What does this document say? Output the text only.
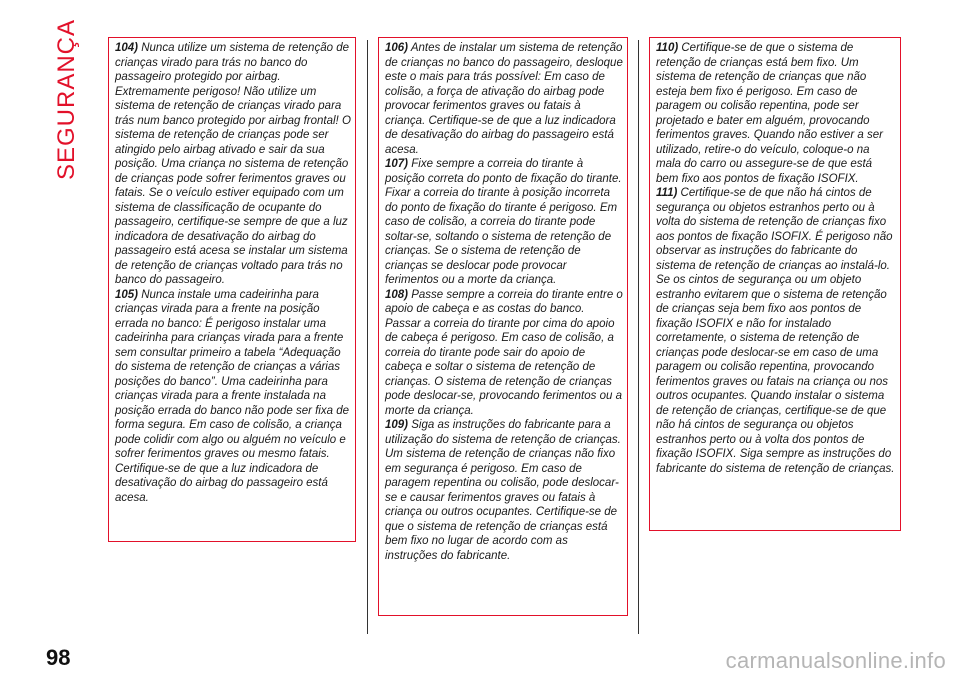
SEGURANÇA	104) Nunca utilize um sistema de retenção de crianças virado para trás no banco do passageiro protegido por airbag. Extremamente perigoso! Não utilize um sistema de retenção de crianças virado para trás num banco protegido por airbag frontal! O sistema de retenção de crianças pode ser atingido pelo airbag ativado e sair da sua posição. Uma criança no sistema de retenção de crianças pode sofrer ferimentos graves ou fatais. Se o veículo estiver equipado com um sistema de classificação de ocupante do passageiro, certifique-se sempre de que a luz indicadora de desativação do airbag do passageiro está acesa se instalar um sistema de retenção de crianças voltado para trás no banco do passageiro.

105) Nunca instale uma cadeirinha para crianças virada para a frente na posição errada no banco: É perigoso instalar uma cadeirinha para crianças virada para a frente sem consultar primeiro a tabela “Adequação do sistema de retenção de crianças a várias posições do banco”. Uma cadeirinha para crianças virada para a frente instalada na posição errada do banco não pode ser fixa de forma segura. Em caso de colisão, a criança pode colidir com algo ou alguém no veículo e sofrer ferimentos graves ou mesmo fatais. Certifique-se de que a luz indicadora de desativação do airbag do passageiro está acesa.

106) Antes de instalar um sistema de retenção de crianças no banco do passageiro, desloque este o mais para trás possível: Em caso de colisão, a força de ativação do airbag pode provocar ferimentos graves ou fatais à criança. Certifique-se de que a luz indicadora de desativação do airbag do passageiro está acesa.

107) Fixe sempre a correia do tirante à posição correta do ponto de fixação do tirante. Fixar a correia do tirante à posição incorreta do ponto de fixação do tirante é perigoso. Em caso de colisão, a correia do tirante pode soltar-se, soltando o sistema de retenção de crianças. Se o sistema de retenção de crianças se deslocar pode provocar ferimentos ou a morte da criança.

108) Passe sempre a correia do tirante entre o apoio de cabeça e as costas do banco. Passar a correia do tirante por cima do apoio de cabeça é perigoso. Em caso de colisão, a correia do tirante pode sair do apoio de cabeça e soltar o sistema de retenção de crianças. O sistema de retenção de crianças pode deslocar-se, provocando ferimentos ou a morte da criança.

109) Siga as instruções do fabricante para a utilização do sistema de retenção de crianças. Um sistema de retenção de crianças não fixo em segurança é perigoso. Em caso de paragem repentina ou colisão, pode deslocar-se e causar ferimentos graves ou fatais à criança ou outros ocupantes. Certifique-se de que o sistema de retenção de crianças está bem fixo no lugar de acordo com as instruções do fabricante.

110) Certifique-se de que o sistema de retenção de crianças está bem fixo. Um sistema de retenção de crianças que não esteja bem fixo é perigoso. Em caso de paragem ou colisão repentina, pode ser projetado e bater em alguém, provocando ferimentos graves. Quando não estiver a ser utilizado, retire-o do veículo, coloque-o na mala do carro ou assegure-se de que está bem fixo aos pontos de fixação ISOFIX.

111) Certifique-se de que não há cintos de segurança ou objetos estranhos perto ou à volta do sistema de retenção de crianças fixo aos pontos de fixação ISOFIX. É perigoso não observar as instruções do fabricante do sistema de retenção de crianças ao instalá-lo. Se os cintos de segurança ou um objeto estranho evitarem que o sistema de retenção de crianças seja bem fixo aos pontos de fixação ISOFIX e não for instalado corretamente, o sistema de retenção de crianças pode deslocar-se em caso de uma paragem ou colisão repentina, provocando ferimentos graves ou fatais na criança ou nos outros ocupantes. Quando instalar o sistema de retenção de crianças, certifique-se de que não há cintos de segurança ou objetos estranhos perto ou à volta dos pontos de fixação ISOFIX. Siga sempre as instruções do fabricante do sistema de retenção de crianças.

98	carmanualsonline.info
